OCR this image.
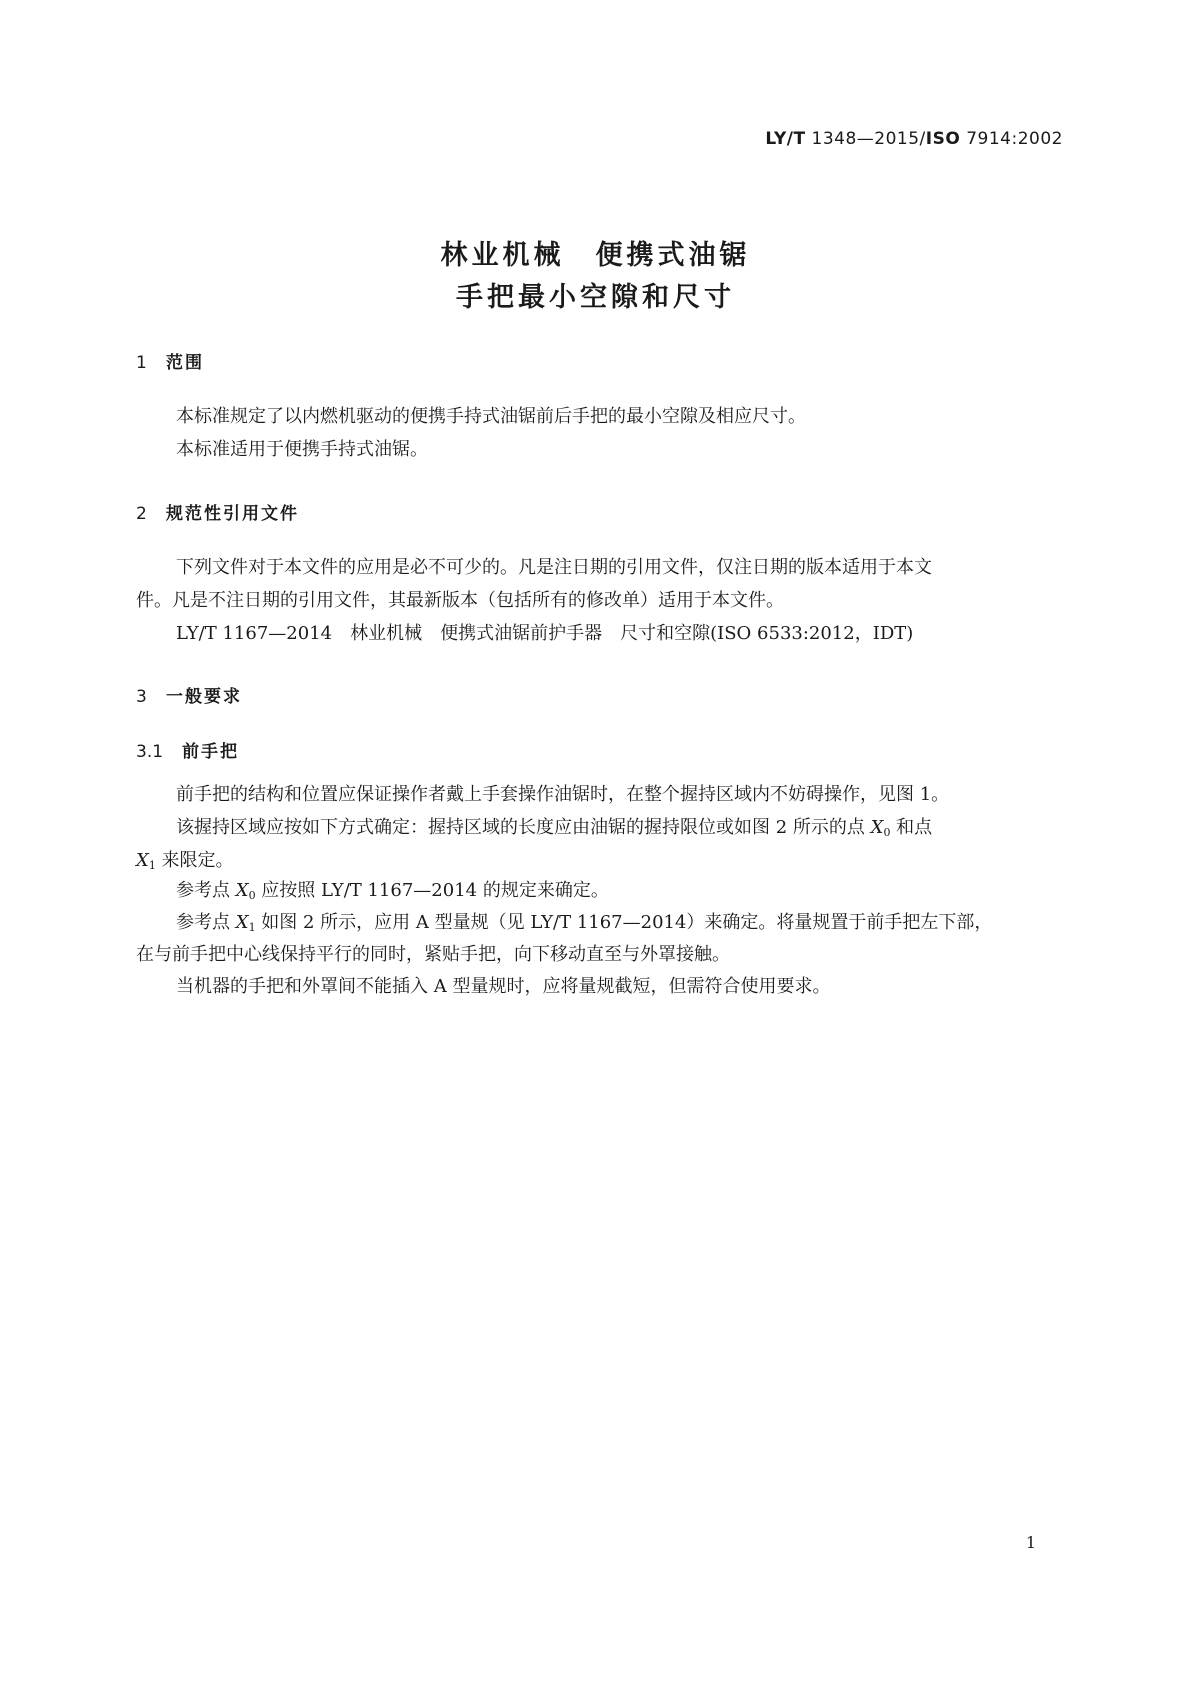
LY/T 1348—2015/ISO 7914:2002
林业机械　便携式油锯
手把最小空隙和尺寸
1	范围
本标准规定了以内燃机驱动的便携手持式油锯前后手把的最小空隙及相应尺寸。
本标准适用于便携手持式油锯。
2	规范性引用文件
下列文件对于本文件的应用是必不可少的。凡是注日期的引用文件，仅注日期的版本适用于本文
件。凡是不注日期的引用文件，其最新版本（包括所有的修改单）适用于本文件。
LY/T 1167—2014　林业机械　便携式油锯前护手器　尺寸和空隙(ISO 6533:2012，IDT)
3	一般要求
3.1	前手把
前手把的结构和位置应保证操作者戴上手套操作油锯时，在整个握持区域内不妨碍操作，见图 1。
该握持区域应按如下方式确定：握持区域的长度应由油锯的握持限位或如图 2 所示的点 X0 和点
X1 来限定。
参考点 X0 应按照 LY/T 1167—2014 的规定来确定。
参考点 X1 如图 2 所示，应用 A 型量规（见 LY/T 1167—2014）来确定。将量规置于前手把左下部，
在与前手把中心线保持平行的同时，紧贴手把，向下移动直至与外罩接触。
当机器的手把和外罩间不能插入 A 型量规时，应将量规截短，但需符合使用要求。
1
